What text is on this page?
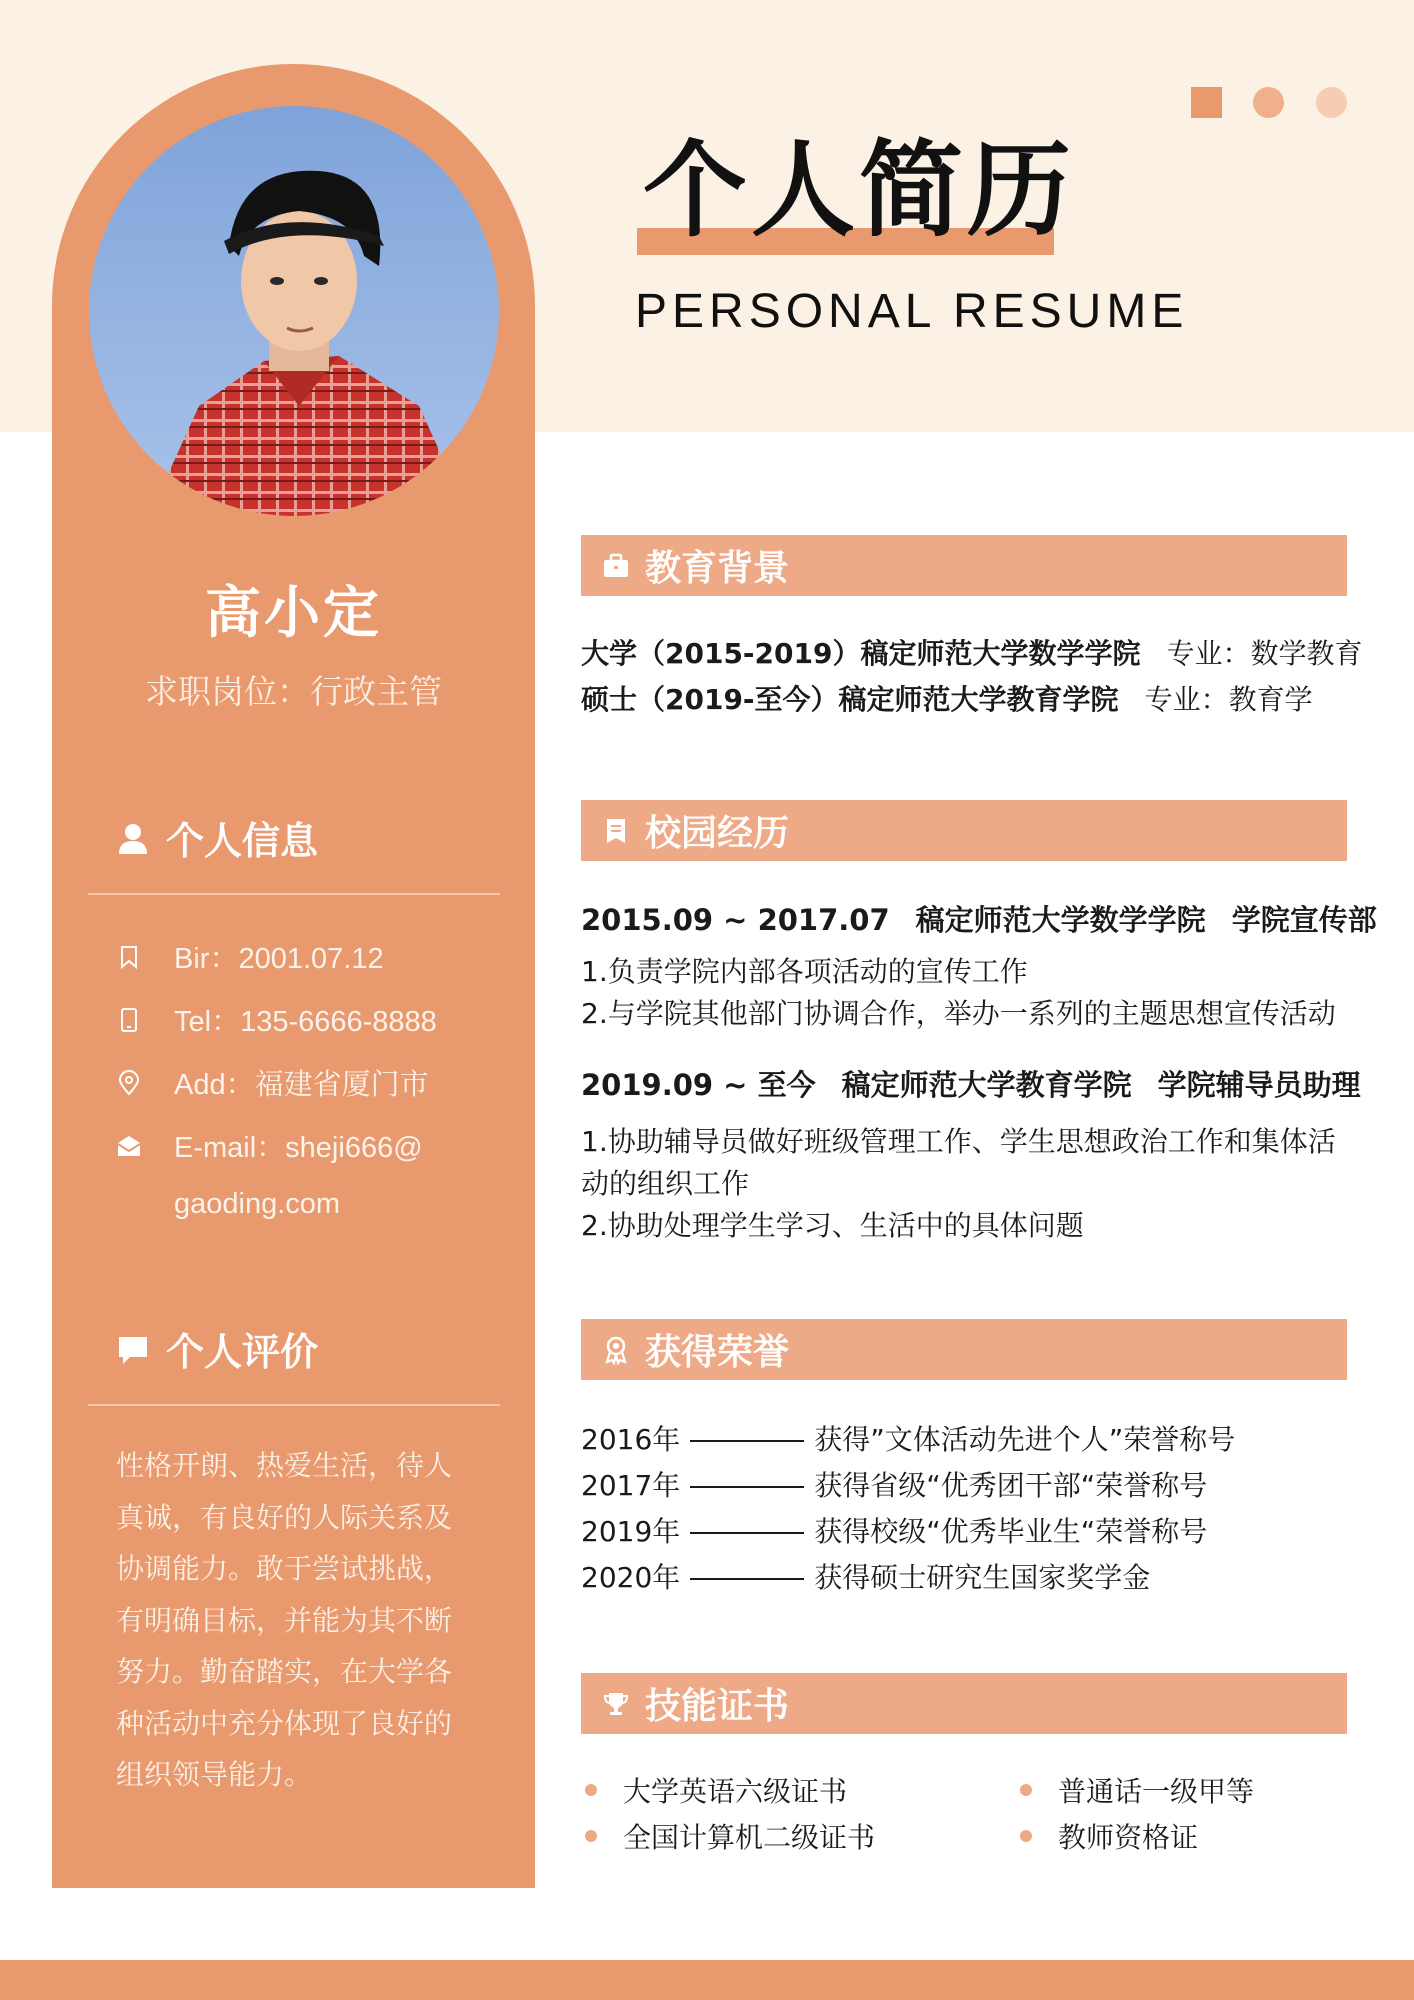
个人简历
PERSONAL RESUME
高小定
求职岗位：行政主管
个人信息
Bir：2001.07.12
Tel：135-6666-8888
Add：福建省厦门市
E-mail：sheji666@
gaoding.com
个人评价
性格开朗、热爱生活，待人
真诚，有良好的人际关系及
协调能力。敢于尝试挑战，
有明确目标，并能为其不断
努力。勤奋踏实，在大学各
种活动中充分体现了良好的
组织领导能力。
教育背景
大学（2015-2019）稿定师范大学数学学院 专业：数学教育
硕士（2019-至今）稿定师范大学教育学院 专业：教育学
校园经历
2015.09 ~ 2017.07 稿定师范大学数学学院 学院宣传部
1.负责学院内部各项活动的宣传工作
2.与学院其他部门协调合作，举办一系列的主题思想宣传活动
2019.09 ~ 至今 稿定师范大学教育学院 学院辅导员助理
1.协助辅导员做好班级管理工作、学生思想政治工作和集体活
动的组织工作
2.协助处理学生学习、生活中的具体问题
获得荣誉
2016年	获得”文体活动先进个人”荣誉称号
2017年	获得省级“优秀团干部“荣誉称号
2019年	获得校级“优秀毕业生“荣誉称号
2020年	获得硕士研究生国家奖学金
技能证书
大学英语六级证书	普通话一级甲等
全国计算机二级证书	教师资格证
